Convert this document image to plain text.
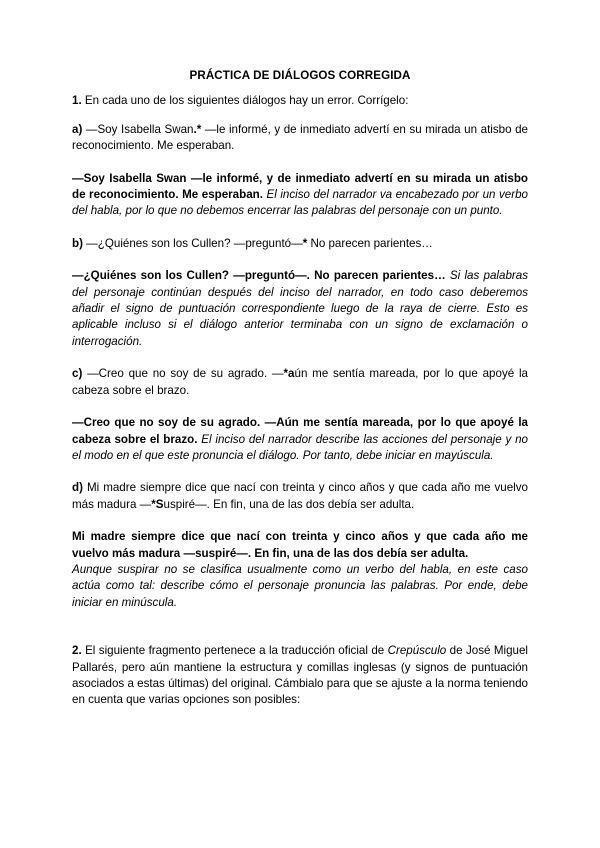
PRÁCTICA DE DIÁLOGOS CORREGIDA

1. En cada uno de los siguientes diálogos hay un error. Corrígelo:

a) —Soy Isabella Swan.* —le informé, y de inmediato advertí en su mirada un atisbo de reconocimiento. Me esperaban.

—Soy Isabella Swan —le informé, y de inmediato advertí en su mirada un atisbo de reconocimiento. Me esperaban. El inciso del narrador va encabezado por un verbo del habla, por lo que no debemos encerrar las palabras del personaje con un punto.

b) —¿Quiénes son los Cullen? —preguntó—* No parecen parientes…

—¿Quiénes son los Cullen? —preguntó—. No parecen parientes… Si las palabras del personaje continúan después del inciso del narrador, en todo caso deberemos añadir el signo de puntuación correspondiente luego de la raya de cierre. Esto es aplicable incluso si el diálogo anterior terminaba con un signo de exclamación o interrogación.

c) —Creo que no soy de su agrado. —*aún me sentía mareada, por lo que apoyé la cabeza sobre el brazo.

—Creo que no soy de su agrado. —Aún me sentía mareada, por lo que apoyé la cabeza sobre el brazo. El inciso del narrador describe las acciones del personaje y no el modo en el que este pronuncia el diálogo. Por tanto, debe iniciar en mayúscula.

d) Mi madre siempre dice que nací con treinta y cinco años y que cada año me vuelvo más madura —*Suspiré—. En fin, una de las dos debía ser adulta.

Mi madre siempre dice que nací con treinta y cinco años y que cada año me vuelvo más madura —suspiré—. En fin, una de las dos debía ser adulta.
Aunque suspirar no se clasifica usualmente como un verbo del habla, en este caso actúa como tal: describe cómo el personaje pronuncia las palabras. Por ende, debe iniciar en minúscula.

2. El siguiente fragmento pertenece a la traducción oficial de Crepúsculo de José Miguel Pallarés, pero aún mantiene la estructura y comillas inglesas (y signos de puntuación asociados a estas últimas) del original. Cámbialo para que se ajuste a la norma teniendo en cuenta que varias opciones son posibles:
